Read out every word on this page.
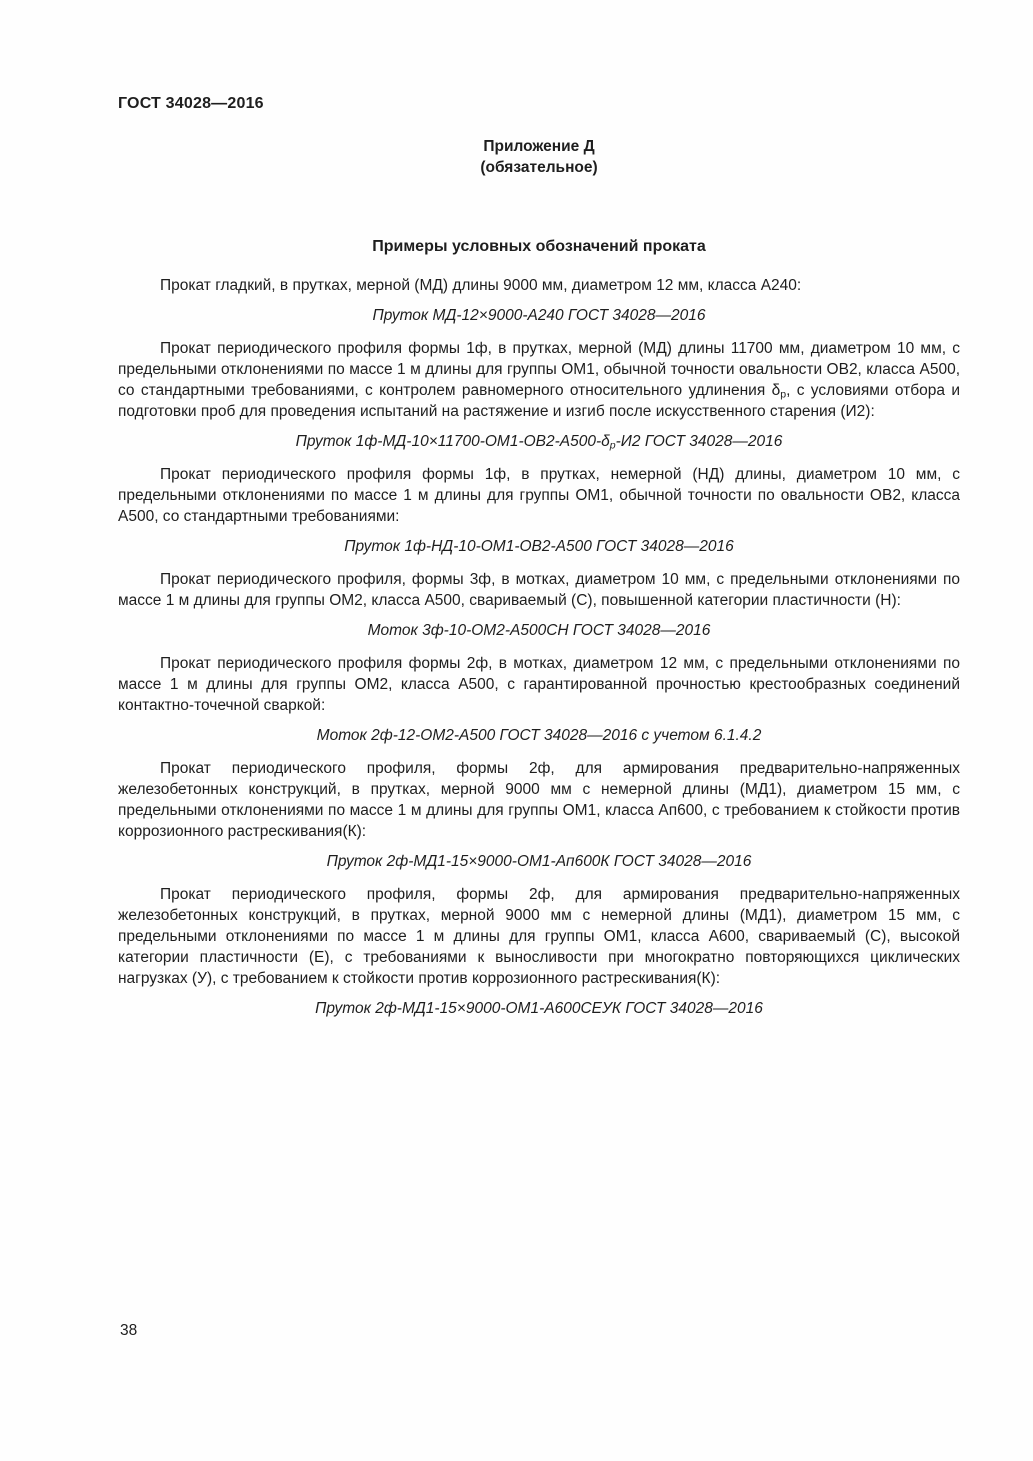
ГОСТ 34028—2016
Приложение Д
(обязательное)
Примеры условных обозначений проката

Прокат гладкий, в прутках, мерной (МД) длины 9000 мм, диаметром 12 мм, класса А240:

Пруток МД-12×9000-А240 ГОСТ 34028—2016

Прокат периодического профиля формы 1ф, в прутках, мерной (МД) длины 11700 мм, диаметром 10 мм, с предельными отклонениями по массе 1 м длины для группы ОМ1, обычной точности овальности ОВ2, класса А500, со стандартными требованиями, с контролем равномерного относительного удлинения $\delta_р$, с условиями отбора и подготовки проб для проведения испытаний на растяжение и изгиб после искусственного старения (И2):

Пруток $1ф-МД-10\times 11700-ОМ1-ОВ2-А500-\delta_р-И2$ ГОСТ 34028—2016

Прокат периодического профиля формы 1ф, в прутках, немерной (НД) длины, диаметром 10 мм, с предельными отклонениями по массе 1 м длины для группы ОМ1, обычной точности по овальности ОВ2, класса А500, со стандартными требованиями:

Пруток 1ф-НД-10-ОМ1-ОВ2-А500 ГОСТ 34028—2016

Прокат периодического профиля, формы 3ф, в мотках, диаметром 10 мм, с предельными отклонениями по массе 1 м длины для группы ОМ2, класса А500, свариваемый (С), повышенной категории пластичности (Н):

Моток 3ф-10-ОМ2-А500СН ГОСТ 34028—2016

Прокат периодического профиля формы 2ф, в мотках, диаметром 12 мм, с предельными отклонениями по массе 1 м длины для группы ОМ2, класса А500, с гарантированной прочностью крестообразных соединений контактно-точечной сваркой:

Моток 2ф-12-ОМ2-А500 ГОСТ 34028—2016 с учетом 6.1.4.2

Прокат периодического профиля, формы 2ф, для армирования предварительно-напряженных железобетонных конструкций, в прутках, мерной 9000 мм с немерной длины (МД1), диаметром 15 мм, с предельными отклонениями по массе 1 м длины для группы ОМ1, класса Ап600, с требованием к стойкости против коррозионного растрескивания(К):

Пруток 2ф-МД1-15×9000-ОМ1-Ап600К ГОСТ 34028—2016

Прокат периодического профиля, формы 2ф, для армирования предварительно-напряженных железобетонных конструкций, в прутках, мерной 9000 мм с немерной длины (МД1), диаметром 15 мм, с предельными отклонениями по массе 1 м длины для группы ОМ1, класса А600, свариваемый (С), высокой категории пластичности (Е), с требованиями к выносливости при многократно повторяющихся циклических нагрузках (У), с требованием к стойкости против коррозионного растрескивания(К):

Пруток 2ф-МД1-15×9000-ОМ1-А600СЕУК ГОСТ 34028—2016

38
